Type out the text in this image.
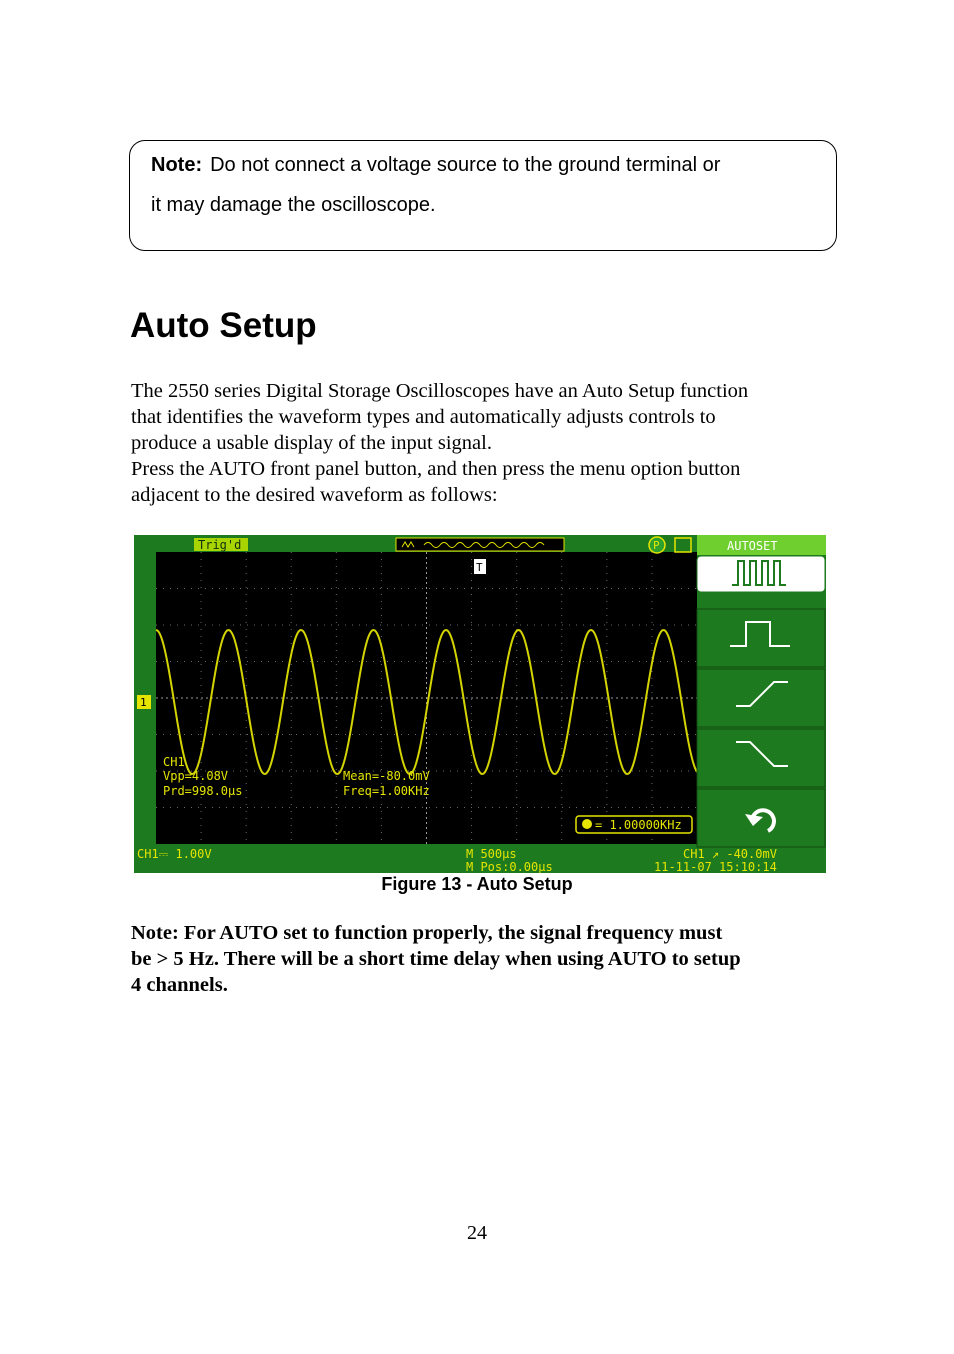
Note: Do not connect a voltage source to the ground terminal or
it may damage the oscilloscope.
Auto Setup
The 2550 series Digital Storage Oscilloscopes have an Auto Setup function
that identifies the waveform types and automatically adjusts controls to
produce a usable display of the input signal.
Press the AUTO front panel button, and then press the menu option button
adjacent to the desired waveform as follows:
Trig'd	P
T
1
CH1
Vpp=4.08V
Prd=998.0µs
Mean=-80.0mV
Freq=1.00KHz
= 1.00000KHz
CH1⎓ 1.00V	M 500µs
M Pos:0.00µs
CH1 ↗ -40.0mV
11-11-07 15:10:14
AUTOSET
Figure 13 - Auto Setup
Note: For AUTO set to function properly, the signal frequency must
be > 5 Hz. There will be a short time delay when using AUTO to setup
4 channels.
24
